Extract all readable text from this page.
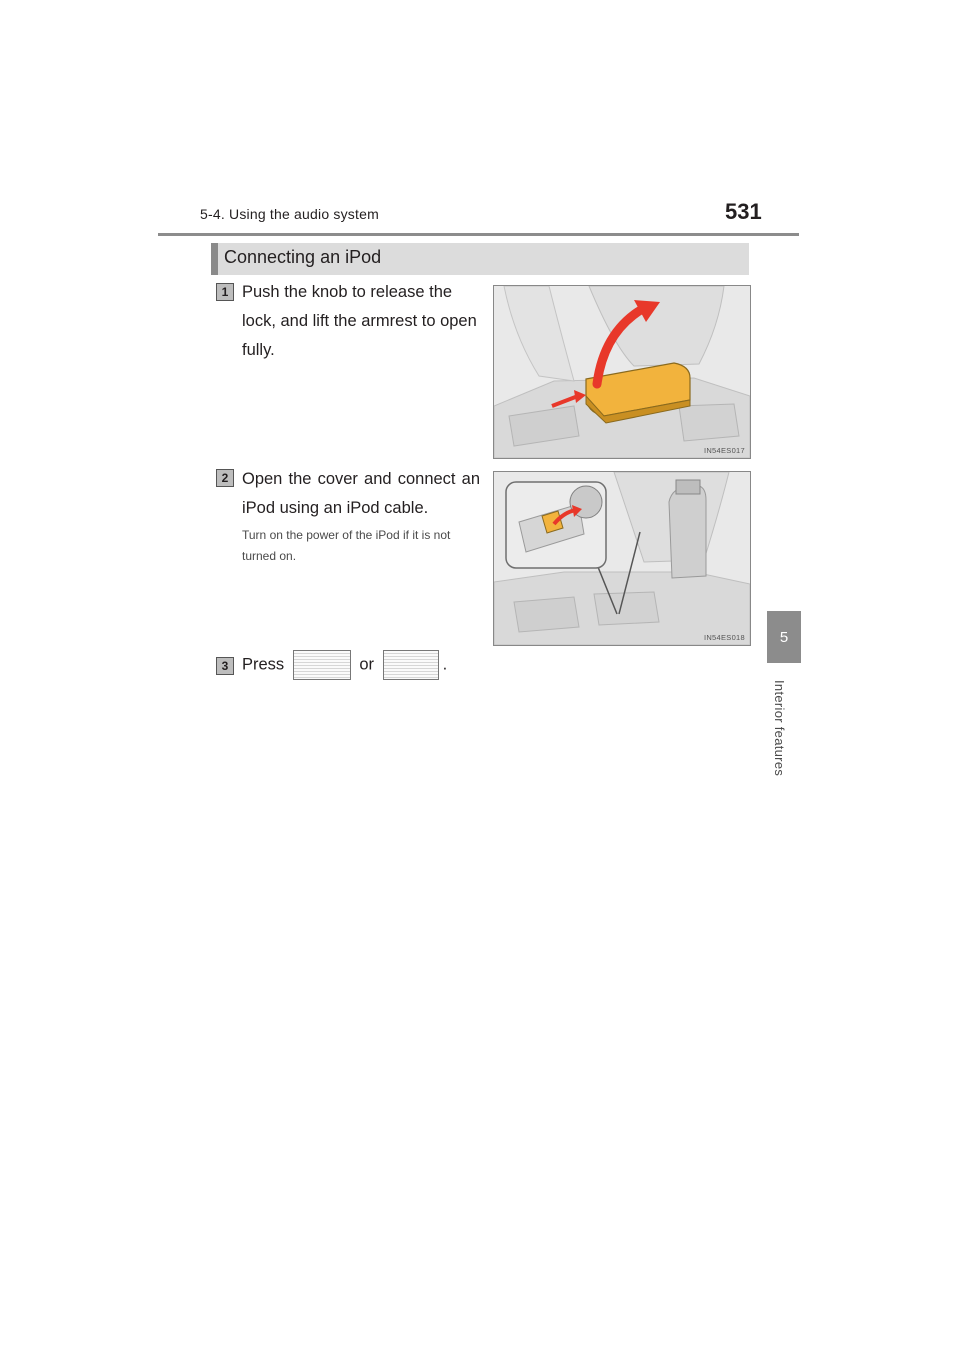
5-4. Using the audio system	531
5
Interior features
Connecting an iPod
1 Push the knob to release the lock, and lift the armrest to open fully.
IN54ES017
2 Open the cover and connect an iPod using an iPod cable.
Turn on the power of the iPod if it is not turned on.
IN54ES018
3 Press	or	.
